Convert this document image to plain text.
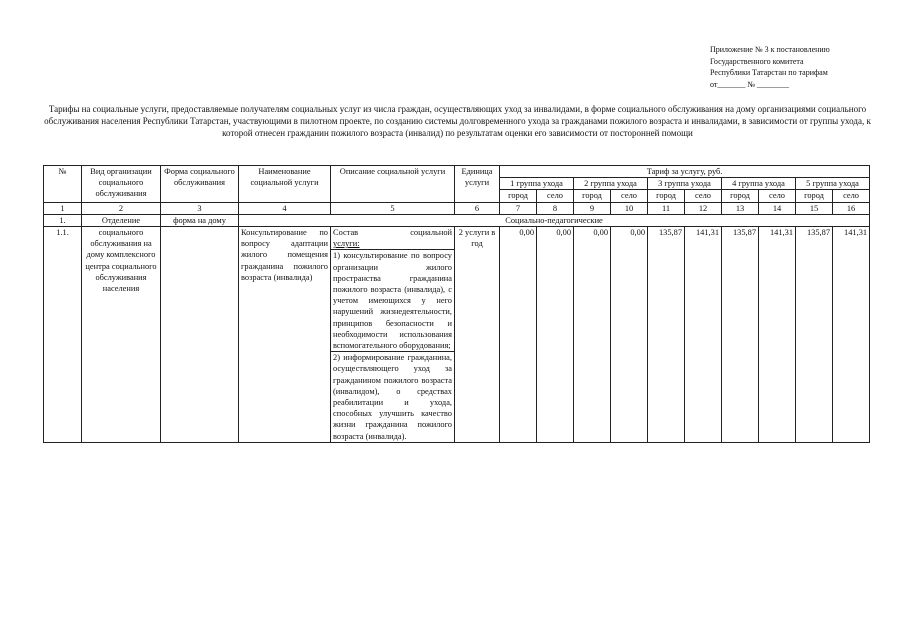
Приложение № 3 к постановлению
Государственного комитета
Республики Татарстан по тарифам
от_______ № ________
Тарифы на социальные услуги, предоставляемые получателям социальных услуг из числа граждан, осуществляющих уход за инвалидами, в форме социального обслуживания на дому организациями социального обслуживания населения Республики Татарстан, участвующими в пилотном проекте, по созданию системы долговременного ухода за гражданами пожилого возраста и инвалидами, в зависимости от группы ухода, к которой отнесен гражданин пожилого возраста (инвалид) по результатам оценки его зависимости от посторонней помощи
№	Вид организации социального обслуживания	Форма социального обслуживания	Наименование социальной услуги	Описание социальной услуги	Единица услуги	Тариф за услугу, руб.									
						1 группа ухода		2 группа ухода		3 группа ухода		4 группа ухода		5 группа ухода	
						город	село	город	село	город	село	город	село	город	село
1	2	3	4	5	6	7	8	9	10	11	12	13	14	15	16
1.	Отделение	форма на дому	Социально-педагогические												
1.1.	социального обслуживания на дому комплексного центра социального обслуживания населения		Консультирование по вопросу адаптации жилого помещения гражданина пожилого возраста (инвалида)	Состав социальной
услуги:
1) консультирование по вопросу организации жилого пространства гражданина пожилого возраста (инвалида), с учетом имеющихся у него нарушений жизнедеятельности, принципов безопасности и необходимости использования вспомогательного оборудования;
2) информирование гражданина, осуществляющего уход за гражданином пожилого возраста (инвалидом), о средствах реабилитации и ухода, способных улучшить качество жизни гражданина пожилого возраста (инвалида).	2 услуги в год	0,00	0,00	0,00	0,00	135,87	141,31	135,87	141,31	135,87	141,31
